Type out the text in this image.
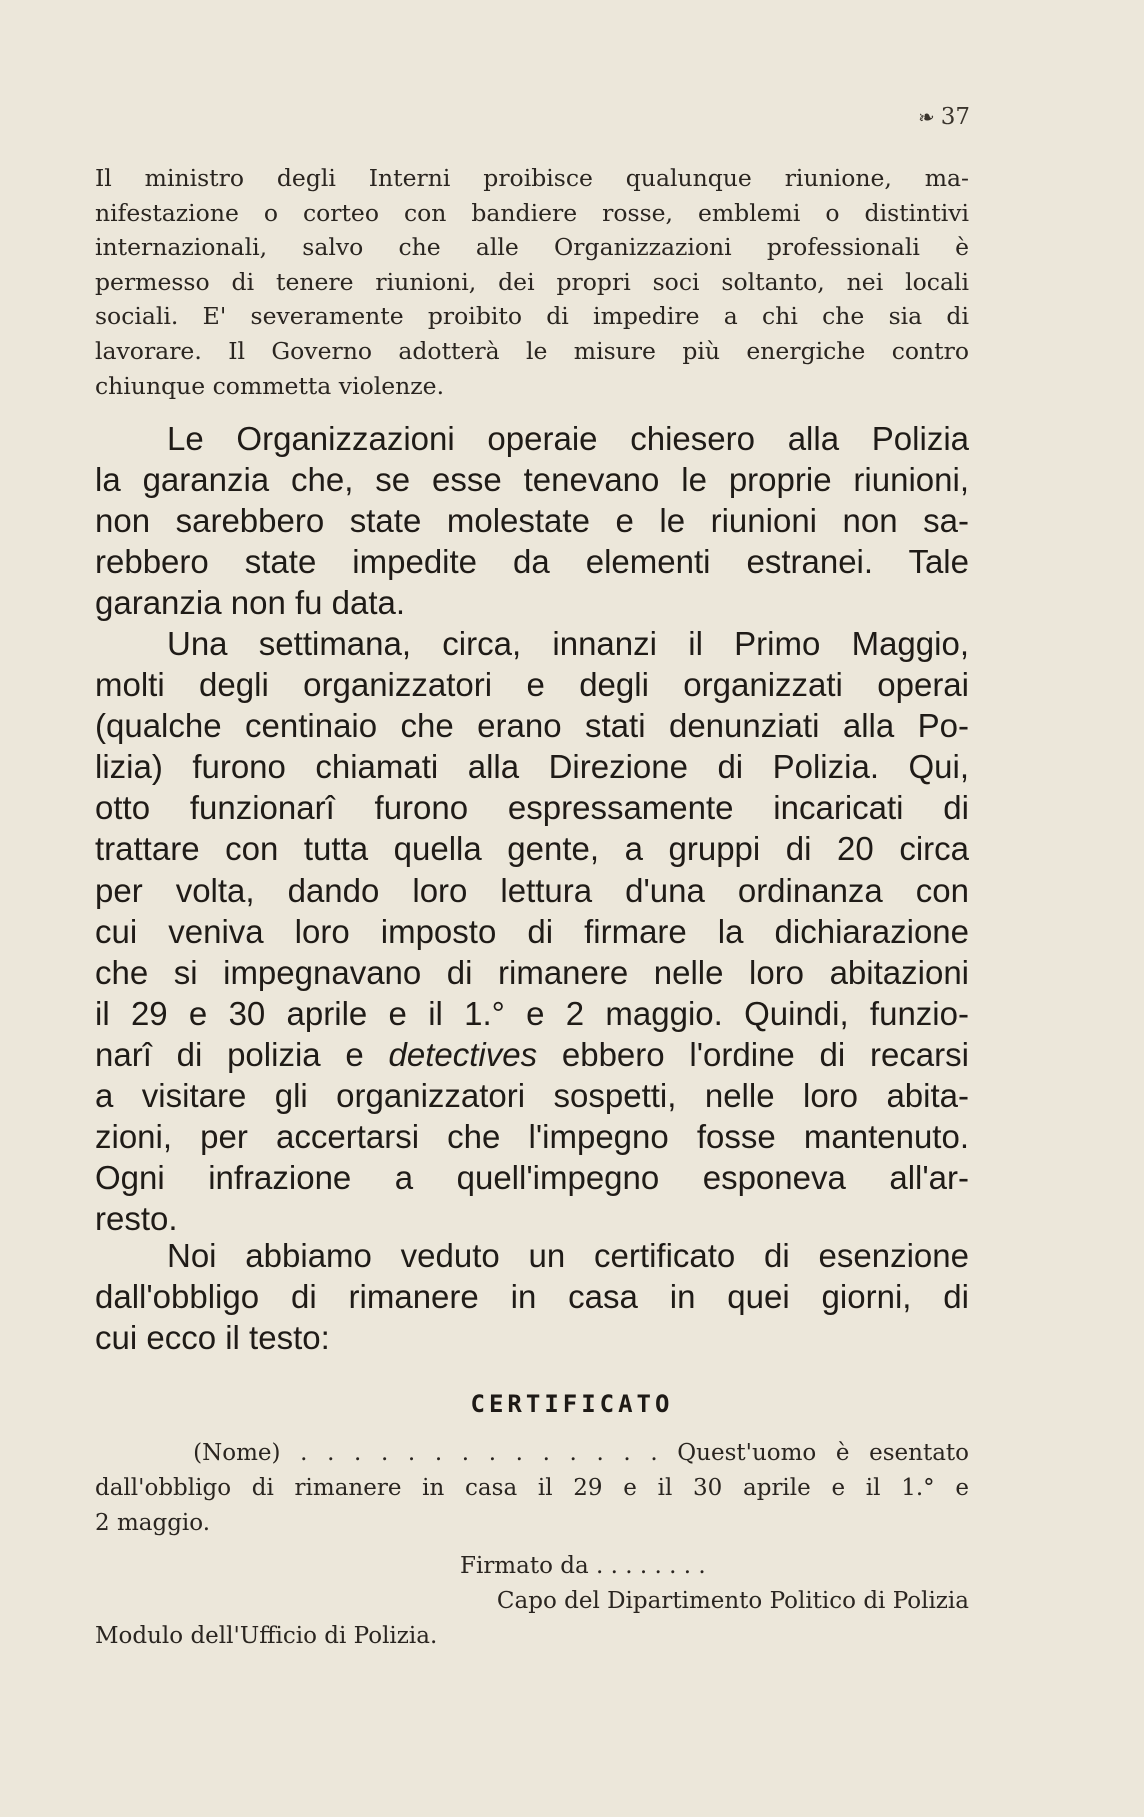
❧ 37
Il ministro degli Interni proibisce qualunque riunione, ma-
nifestazione o corteo con bandiere rosse, emblemi o distintivi
internazionali, salvo che alle Organizzazioni professionali è
permesso di tenere riunioni, dei propri soci soltanto, nei locali
sociali. E' severamente proibito di impedire a chi che sia di
lavorare. Il Governo adotterà le misure più energiche contro
chiunque commetta violenze.
Le Organizzazioni operaie chiesero alla Polizia
la garanzia che, se esse tenevano le proprie riunioni,
non sarebbero state molestate e le riunioni non sa-
rebbero state impedite da elementi estranei. Tale
garanzia non fu data.
Una settimana, circa, innanzi il Primo Maggio,
molti degli organizzatori e degli organizzati operai
(qualche centinaio che erano stati denunziati alla Po-
lizia) furono chiamati alla Direzione di Polizia. Qui,
otto funzionarî furono espressamente incaricati di
trattare con tutta quella gente, a gruppi di 20 circa
per volta, dando loro lettura d'una ordinanza con
cui veniva loro imposto di firmare la dichiarazione
che si impegnavano di rimanere nelle loro abitazioni
il 29 e 30 aprile e il 1.° e 2 maggio. Quindi, funzio-
narî di polizia e detectives ebbero l'ordine di recarsi
a visitare gli organizzatori sospetti, nelle loro abita-
zioni, per accertarsi che l'impegno fosse mantenuto.
Ogni infrazione a quell'impegno esponeva all'ar-
resto.
Noi abbiamo veduto un certificato di esenzione
dall'obbligo di rimanere in casa in quei giorni, di
cui ecco il testo:
CERTIFICATO
(Nome) . . . . . . . . . . . . . . Quest'uomo è esentato
dall'obbligo di rimanere in casa il 29 e il 30 aprile e il 1.° e
2 maggio.
Firmato da . . . . . . . .
Capo del Dipartimento Politico di Polizia
Modulo dell'Ufficio di Polizia.
